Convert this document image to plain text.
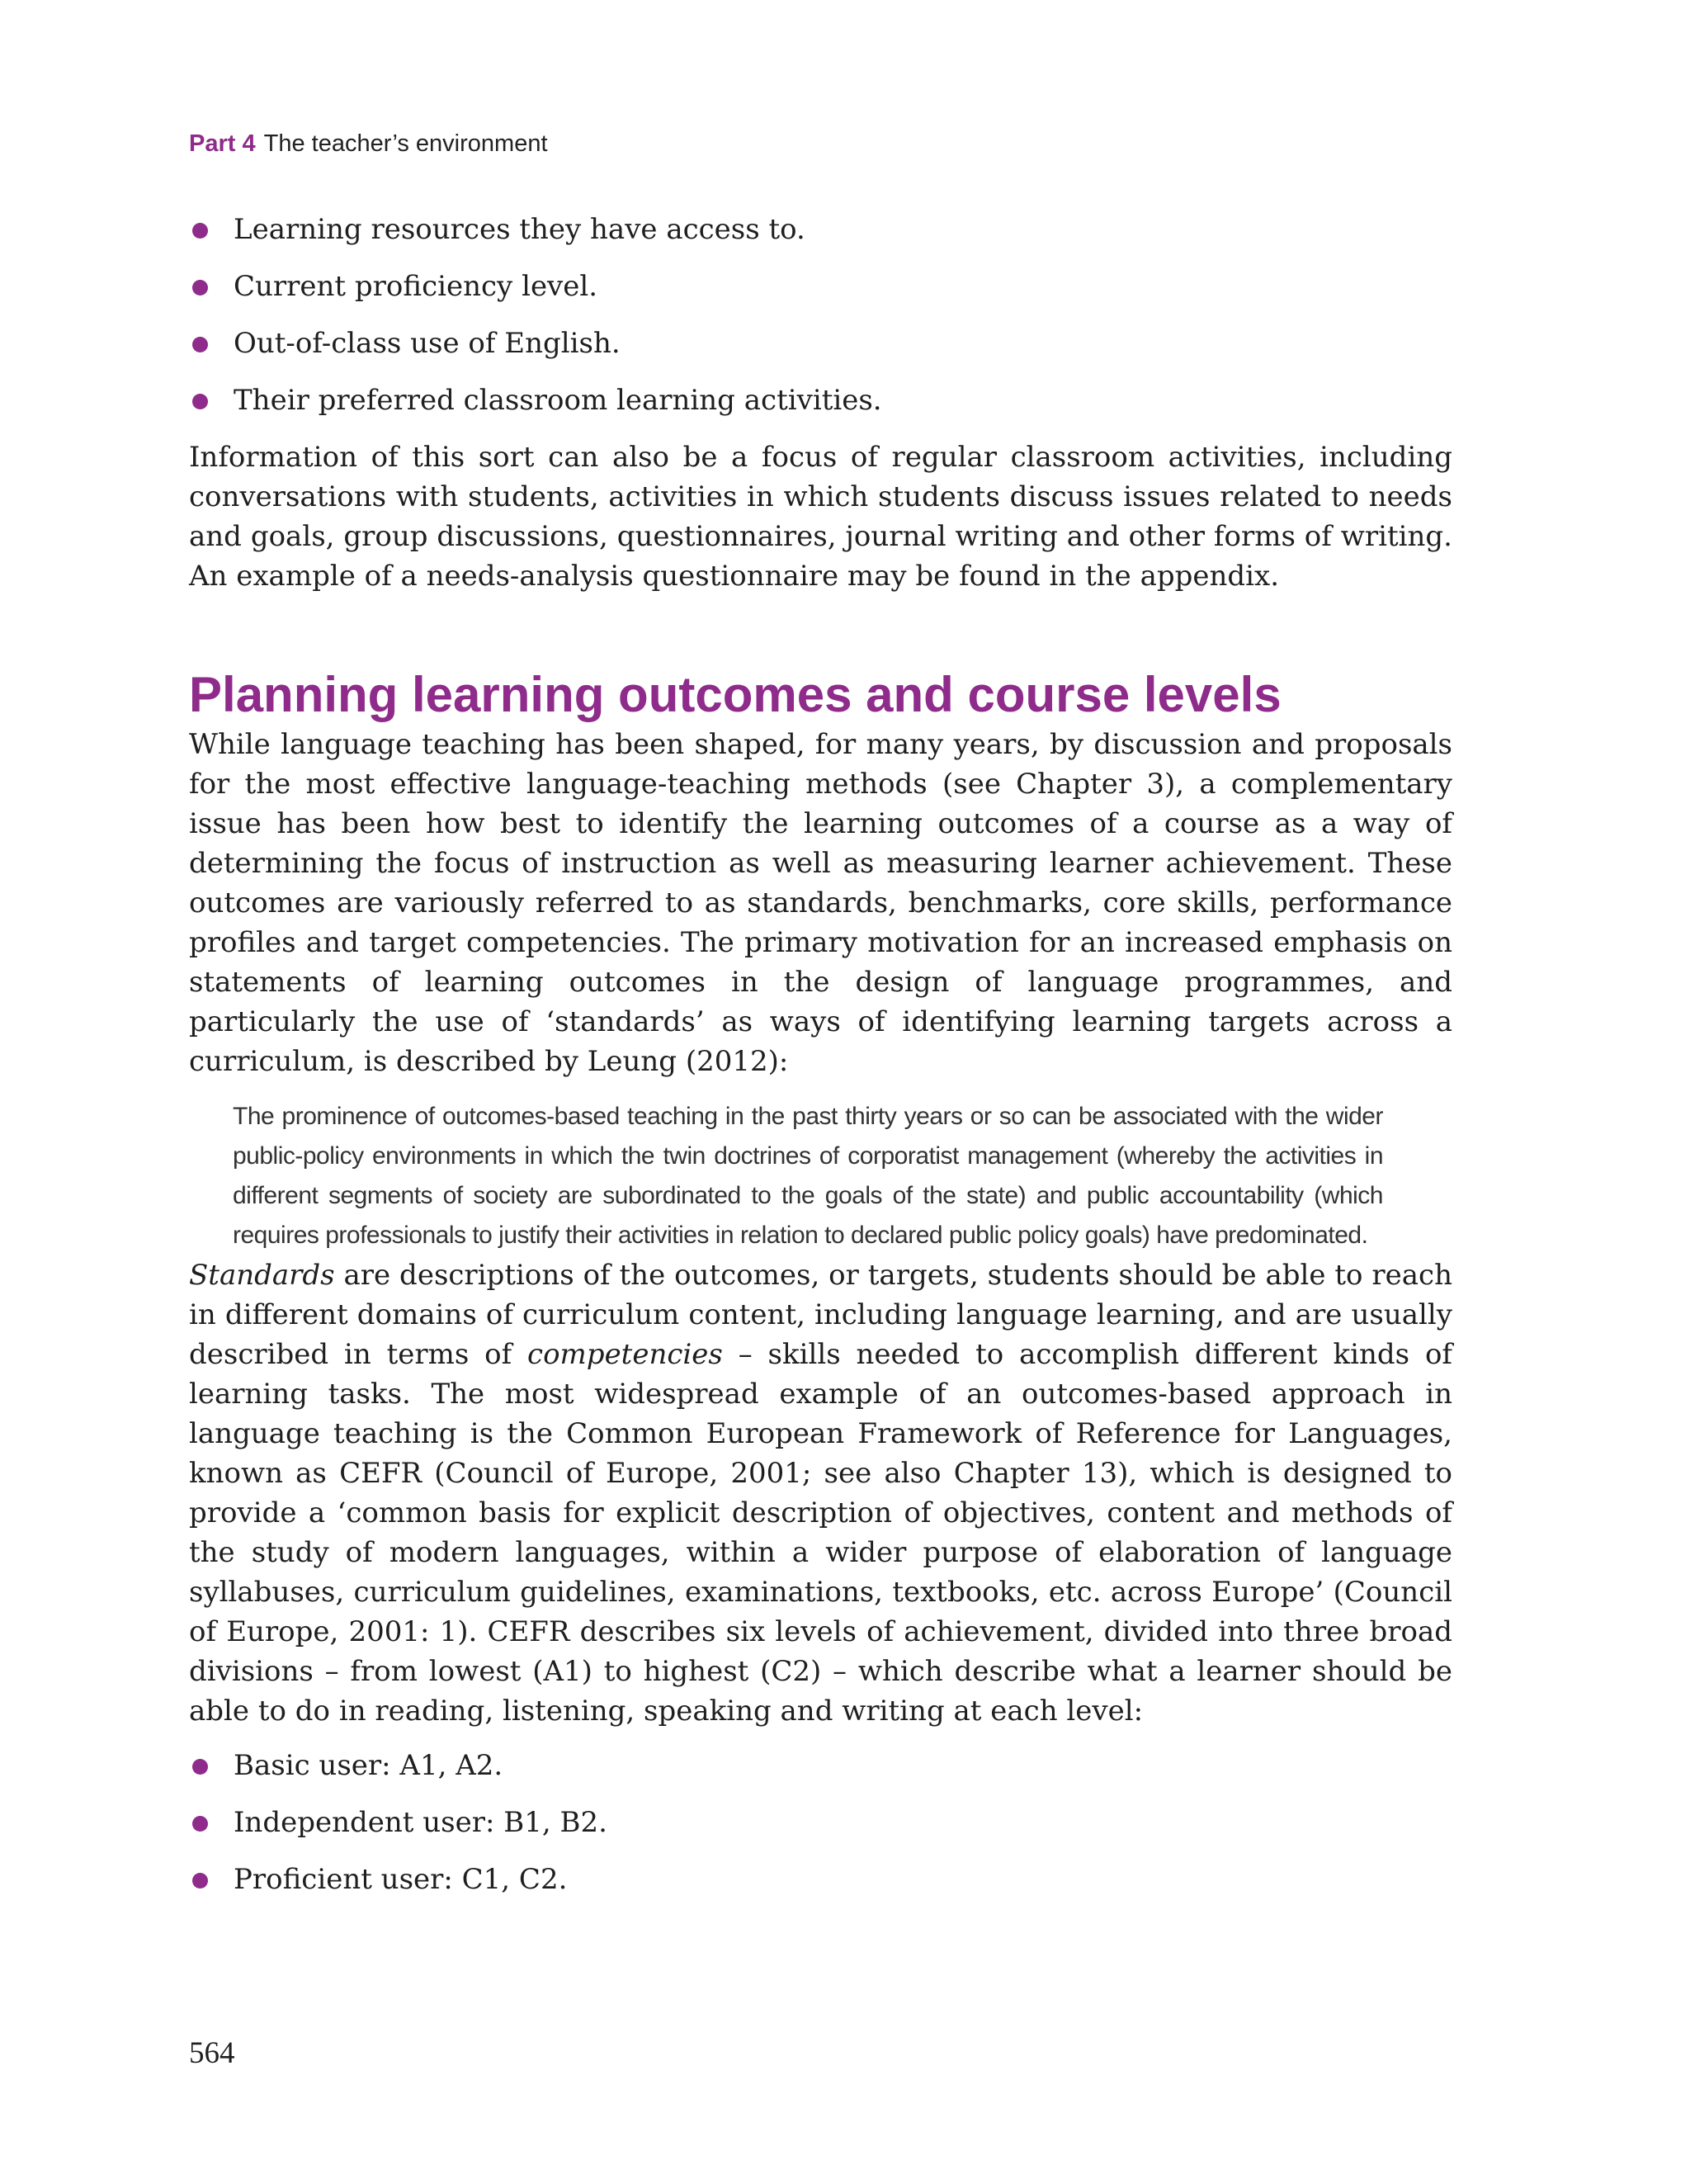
Part 4 The teacher’s environment
Learning resources they have access to.
Current proficiency level.
Out-of-class use of English.
Their preferred classroom learning activities.

Information of this sort can also be a focus of regular classroom activities, including conversations with students, activities in which students discuss issues related to needs and goals, group discussions, questionnaires, journal writing and other forms of writing. An example of a needs-analysis questionnaire may be found in the appendix.

Planning learning outcomes and course levels

While language teaching has been shaped, for many years, by discussion and proposals for the most effective language-teaching methods (see Chapter 3), a complementary issue has been how best to identify the learning outcomes of a course as a way of determining the focus of instruction as well as measuring learner achievement. These outcomes are variously referred to as standards, benchmarks, core skills, performance profiles and target competencies. The primary motivation for an increased emphasis on statements of learning outcomes in the design of language programmes, and particularly the use of ‘standards’ as ways of identifying learning targets across a curriculum, is described by Leung (2012):

The prominence of outcomes-based teaching in the past thirty years or so can be associated with the wider public-policy environments in which the twin doctrines of corporatist management (whereby the activities in different segments of society are subordinated to the goals of the state) and public accountability (which requires professionals to justify their activities in relation to declared public policy goals) have predominated.

Standards are descriptions of the outcomes, or targets, students should be able to reach in different domains of curriculum content, including language learning, and are usually described in terms of competencies – skills needed to accomplish different kinds of learning tasks. The most widespread example of an outcomes-based approach in language teaching is the Common European Framework of Reference for Languages, known as CEFR (Council of Europe, 2001; see also Chapter 13), which is designed to provide a ‘common basis for explicit description of objectives, content and methods of the study of modern languages, within a wider purpose of elaboration of language syllabuses, curriculum guidelines, examinations, textbooks, etc. across Europe’ (Council of Europe, 2001: 1). CEFR describes six levels of achievement, divided into three broad divisions – from lowest (A1) to highest (C2) – which describe what a learner should be able to do in reading, listening, speaking and writing at each level:

Basic user: A1, A2.
Independent user: B1, B2.
Proficient user: C1, C2.
564
